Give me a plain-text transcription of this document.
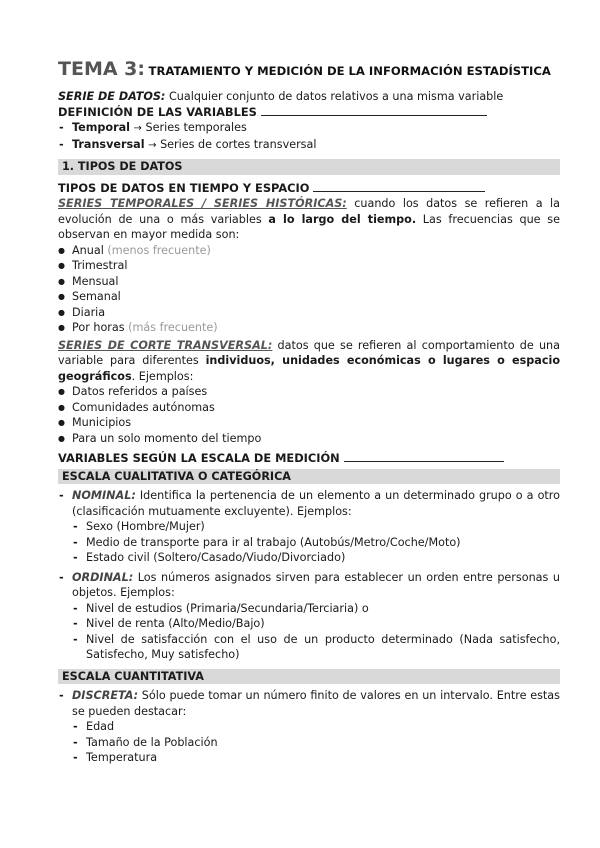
TEMA 3: TRATAMIENTO Y MEDICIÓN DE LA INFORMACIÓN ESTADÍSTICA

SERIE DE DATOS: Cualquier conjunto de datos relativos a una misma variable

DEFINICIÓN DE LAS VARIABLES

- Temporal → Series temporales

- Transversal → Series de cortes transversal

1. TIPOS DE DATOS

TIPOS DE DATOS EN TIEMPO Y ESPACIO

SERIES TEMPORALES / SERIES HISTÓRICAS: cuando los datos se refieren a la evolución de una o más variables a lo largo del tiempo. Las frecuencias que se observan en mayor medida son:

● Anual (menos frecuente)

● Trimestral

● Mensual

● Semanal

● Diaria

● Por horas (más frecuente)

SERIES DE CORTE TRANSVERSAL: datos que se refieren al comportamiento de una variable para diferentes individuos, unidades económicas o lugares o espacio geográficos. Ejemplos:

● Datos referidos a países

● Comunidades autónomas

● Municipios

● Para un solo momento del tiempo

VARIABLES SEGÚN LA ESCALA DE MEDICIÓN

ESCALA CUALITATIVA O CATEGÓRICA

- NOMINAL: Identifica la pertenencia de un elemento a un determinado grupo o a otro (clasificación mutuamente excluyente). Ejemplos:

- Sexo (Hombre/Mujer)

- Medio de transporte para ir al trabajo (Autobús/Metro/Coche/Moto)

- Estado civil (Soltero/Casado/Viudo/Divorciado)

- ORDINAL: Los números asignados sirven para establecer un orden entre personas u objetos. Ejemplos:

- Nivel de estudios (Primaria/Secundaria/Terciaria) o

- Nivel de renta (Alto/Medio/Bajo)

- Nivel de satisfacción con el uso de un producto determinado (Nada satisfecho, Satisfecho, Muy satisfecho)

ESCALA CUANTITATIVA

- DISCRETA: Sólo puede tomar un número finito de valores en un intervalo. Entre estas se pueden destacar:

- Edad

- Tamaño de la Población

- Temperatura
